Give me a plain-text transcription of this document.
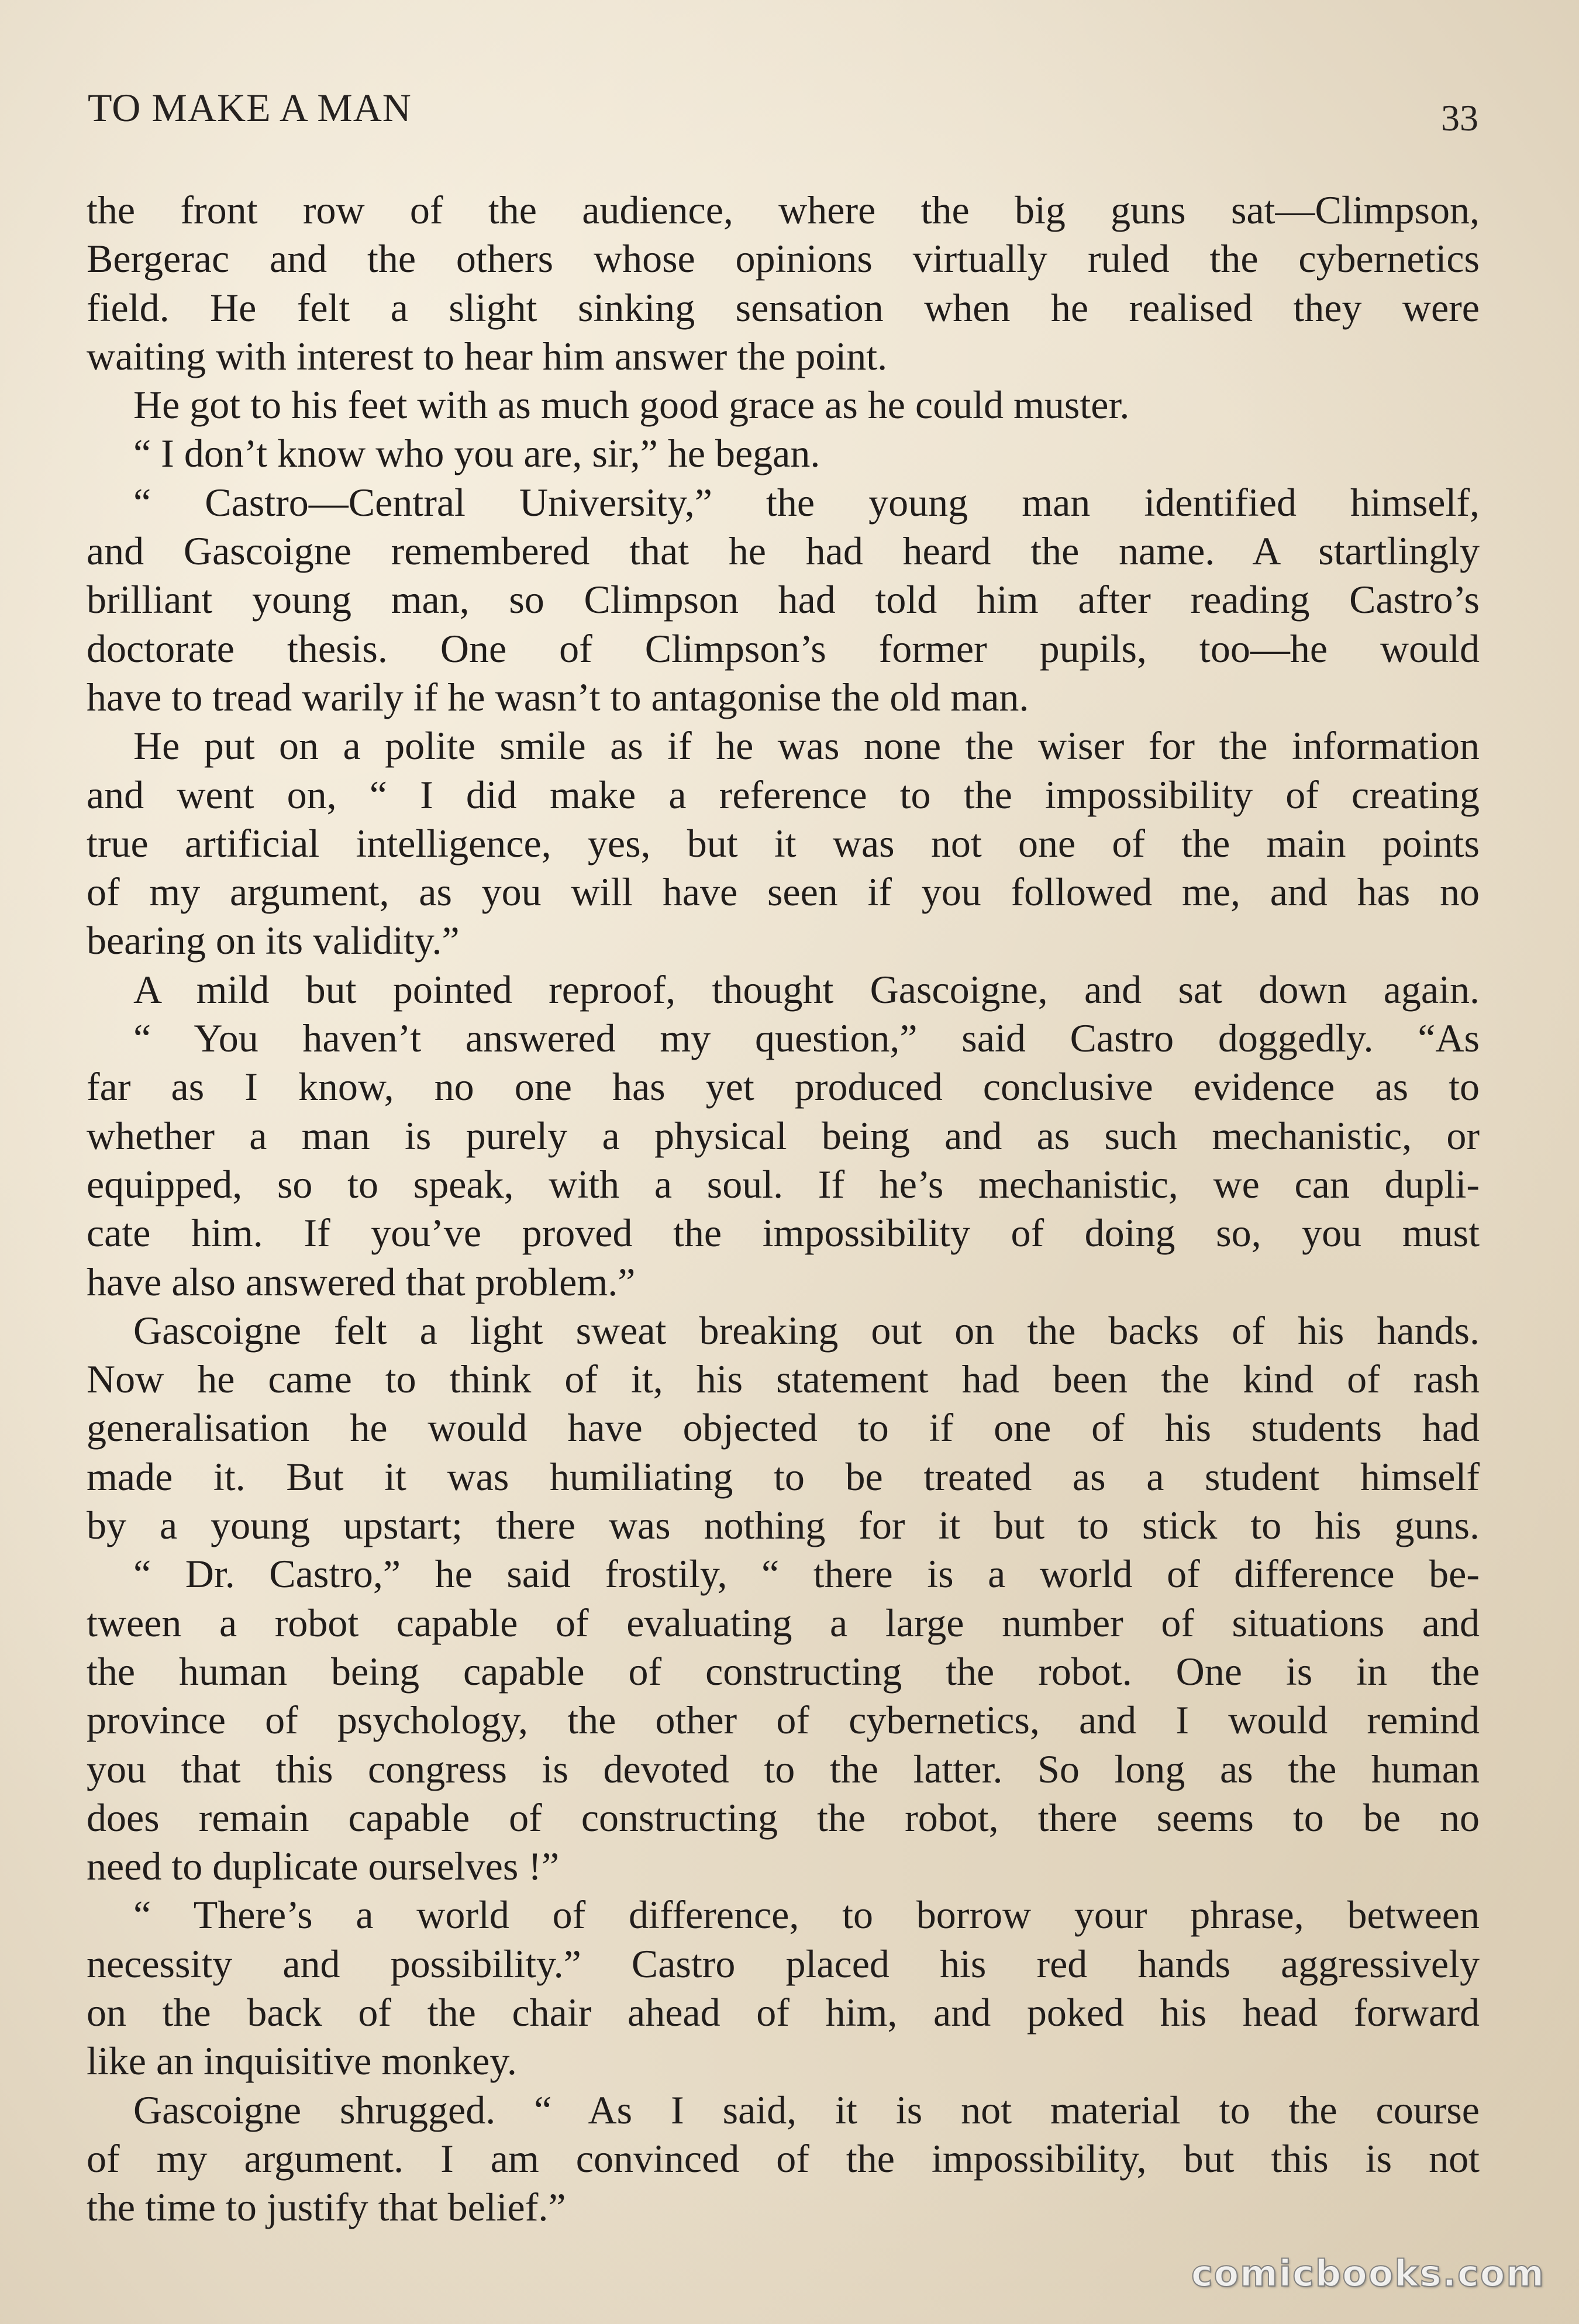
TO MAKE A MAN	33
the front row of the audience, where the big guns sat—Climpson,
Bergerac and the others whose opinions virtually ruled the cybernetics
field. He felt a slight sinking sensation when he realised they were
waiting with interest to hear him answer the point.
He got to his feet with as much good grace as he could muster.
“ I don’t know who you are, sir,” he began.
“ Castro—Central University,” the young man identified himself,
and Gascoigne remembered that he had heard the name. A startlingly
brilliant young man, so Climpson had told him after reading Castro’s
doctorate thesis. One of Climpson’s former pupils, too—he would
have to tread warily if he wasn’t to antagonise the old man.
He put on a polite smile as if he was none the wiser for the information
and went on, “ I did make a reference to the impossibility of creating
true artificial intelligence, yes, but it was not one of the main points
of my argument, as you will have seen if you followed me, and has no
bearing on its validity.”
A mild but pointed reproof, thought Gascoigne, and sat down again.
“ You haven’t answered my question,” said Castro doggedly. “As
far as I know, no one has yet produced conclusive evidence as to
whether a man is purely a physical being and as such mechanistic, or
equipped, so to speak, with a soul. If he’s mechanistic, we can dupli-
cate him. If you’ve proved the impossibility of doing so, you must
have also answered that problem.”
Gascoigne felt a light sweat breaking out on the backs of his hands.
Now he came to think of it, his statement had been the kind of rash
generalisation he would have objected to if one of his students had
made it. But it was humiliating to be treated as a student himself
by a young upstart; there was nothing for it but to stick to his guns.
“ Dr. Castro,” he said frostily, “ there is a world of difference be-
tween a robot capable of evaluating a large number of situations and
the human being capable of constructing the robot. One is in the
province of psychology, the other of cybernetics, and I would remind
you that this congress is devoted to the latter. So long as the human
does remain capable of constructing the robot, there seems to be no
need to duplicate ourselves !”
“ There’s a world of difference, to borrow your phrase, between
necessity and possibility.” Castro placed his red hands aggressively
on the back of the chair ahead of him, and poked his head forward
like an inquisitive monkey.
Gascoigne shrugged. “ As I said, it is not material to the course
of my argument. I am convinced of the impossibility, but this is not
the time to justify that belief.”
comicbooks.com
